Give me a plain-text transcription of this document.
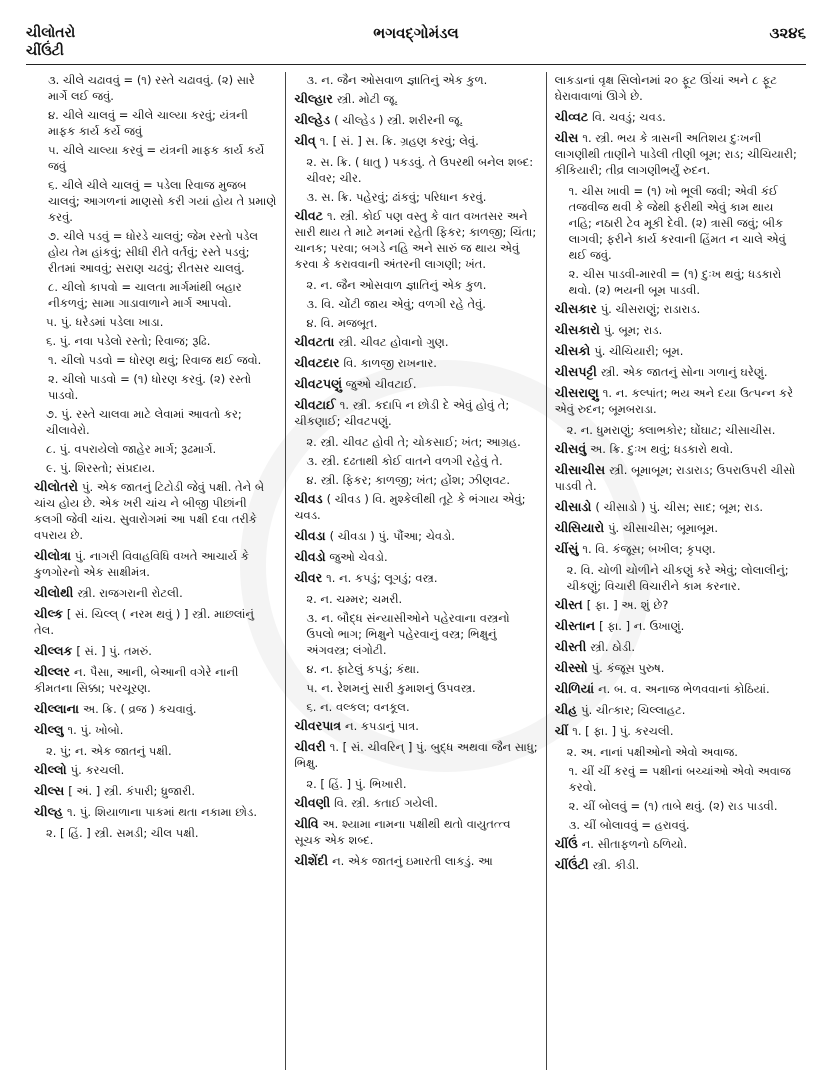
ચીલોતરો
ચીંઉંટી
ભગવદ્ગોમંડલ	૩૨૪૬
૩. ચીલે ચઢાવવું = (૧) રસ્તે ચઢાવવું. (૨) સારે માર્ગે લઈ જવું.
૪. ચીલે ચાલવું = ચીલે ચાલ્યા કરવું; યંત્રની માફક કાર્ય કર્યે જવું
૫. ચીલે ચાલ્યા કરવું = યંત્રની માફક કાર્ય કર્યે જવું
૬. ચીલે ચીલે ચાલવું = પડેલા રિવાજ મુજબ ચાલવું; આગળનાં માણસો કરી ગયાં હોય તે પ્રમાણે કરવું.
૭. ચીલે પડવું = ધોરડે ચાલવું; જેમ રસ્તો પડેલ હોય તેમ હાંકવું; સીધી રીતે વર્તવું; રસ્તે પડવું; રીતમાં આવવું; સરાણ ચઢવું; રીતસર ચાલવું.
૮. ચીલો કાપવો = ચાલતા માર્ગમાંથી બહાર નીકળવું; સામા ગાડાવાળાને માર્ગ આપવો.
૫. પું. ધરેડમાં પડેલા ખાડા.
૬. પું. નવા પડેલો રસ્તો; રિવાજ; રૂઢિ.
૧. ચીલો પડવો = ધોરણ થવું; રિવાજ થઈ જવો.
૨. ચીલો પાડવો = (૧) ધોરણ કરવું. (૨) રસ્તો પાડવો.
૭. પું. રસ્તે ચાલવા માટે લેવામાં આવતો કર; ચીલાવેરો.
૮. પું. વપરાયેલો જાહેર માર્ગ; રૂઢમાર્ગ.
૯. પું. શિરસ્તો; સંપ્રદાય.
ચીલોતરો પું. એક જાતનું ટિટોડી જેવું પક્ષી. તેને બે ચાંચ હોય છે. એક ખરી ચાંચ ને બીજી પીછાંની કલગી જેવી ચાંચ. સુવારોગમાં આ પક્ષી દવા તરીકે વપરાય છે.
ચીલોત્રા પું. નાગરી વિવાહવિધિ વખતે આચાર્ય કે કુળગોરનો એક સાક્ષીમંત્ર.
ચીલોથી સ્ત્રી. રાજગરાની રોટલી.
ચીલ્ક [ સં. ચિલ્લ્ ( નરમ થવું ) ] સ્ત્રી. માછલાંનું તેલ.
ચીલ્લક [ સં. ] પું. તમરું.
ચીલ્લર ન. પૈસા, આની, બેઆની વગેરે નાની કીમતના સિક્કા; પરચૂરણ.
ચીલ્લાના અ. ક્રિ. ( વ્રજ ) કચવાવું.
ચીલ્લુ ૧. પું. ખોબો.
૨. પું; ન. એક જાતનું પક્ષી.
ચીલ્લો પું. કરચલી.
ચીલ્સ [ અં. ] સ્ત્રી. કંપારી; ધ્રુજારી.
ચીલ્હ ૧. પું. શિયાળાના પાકમાં થતા નકામા છોડ.
૨. [ હિં. ] સ્ત્રી. સમડી; ચીલ પક્ષી.
૩. ન. જૈન ઓસવાળ જ્ઞાતિનું એક કુળ.
ચીલ્હાર સ્ત્રી. મોટી જૂ.
ચીલ્હેડ ( ચીલ્હેડ ) સ્ત્રી. શરીરની જૂ.
ચીવ્ ૧. [ સં. ] સ. ક્રિ. ગ્રહણ કરવું; લેવું.
૨. સ. ક્રિ. ( ધાતુ ) પકડવું. તે ઉપરથી બનેલ શબ્દ: ચીવર; ચીર.
૩. સ. ક્રિ. પહેરવું; ઢાંકવું; પરિધાન કરવું.
ચીવટ ૧. સ્ત્રી. કોઈ પણ વસ્તુ કે વાત વખતસર અને સારી થાય તે માટે મનમાં રહેતી ફિકર; કાળજી; ચિંતા; ચાનક; પરવા; બગડે નહિ અને સારું જ થાય એવું કરવા કે કરાવવાની અંતરની લાગણી; ખંત.
૨. ન. જૈન ઓસવાળ જ્ઞાતિનું એક કુળ.
૩. વિ. ચોંટી જાય એવું; વળગી રહે તેવું.
૪. વિ. મજબૂત.
ચીવટતા સ્ત્રી. ચીવટ હોવાનો ગુણ.
ચીવટદાર વિ. કાળજી રાખનાર.
ચીવટપણું જુઓ ચીવટાઈ.
ચીવટાઈ ૧. સ્ત્રી. કદાપિ ન છોડી દે એવું હોવું તે; ચીકણાઈ; ચીવટપણું.
૨. સ્ત્રી. ચીવટ હોવી તે; ચોકસાઈ; ખંત; આગ્રહ.
૩. સ્ત્રી. દઢતાથી કોઈ વાતને વળગી રહેવું તે.
૪. સ્ત્રી. ફિકર; કાળજી; ખંત; હોંશ; ઝીણવટ.
ચીવડ ( ચીવડ ) વિ. મુશ્કેલીથી તૂટે કે ભંગાય એવું; ચવડ.
ચીવડા ( ચીવડા ) પું. પૌંઆ; ચેવડો.
ચીવડો જુઓ ચેવડો.
ચીવર ૧. ન. કપડું; લૂગડું; વસ્ત્ર.
૨. ન. ચમ્મર; ચમરી.
૩. ન. બૌદ્ધ સંન્યાસીઓને પહેરવાના વસ્ત્રનો ઉપલો ભાગ; ભિક્ષુને પહેરવાનું વસ્ત્ર; ભિક્ષુનું અંગવસ્ત્ર; લંગોટી.
૪. ન. ફાટેલું કપડું; કંથા.
૫. ન. રેશમનું સારી કુમાશનું ઉપવસ્ત્ર.
૬. ન. વલ્કલ; વનકૂલ.
ચીવરપાત્ર ન. કપડાનું પાત્ર.
ચીવરી ૧. [ સં. ચીવરિન્ ] પું. બુદ્ધ અથવા જૈન સાધુ; ભિક્ષુ.
૨. [ હિં. ] પું. ભિખારી.
ચીવણી વિ. સ્ત્રી. કતાઈ ગયેલી.
ચીવિ અ. શ્યામા નામના પક્ષીથી થતો વાયુતત્ત્વ સૂચક એક શબ્દ.
ચીશેંદી ન. એક જાતનું ઇમારતી લાકડું. આ
લાકડાનાં વૃક્ષ સિલોનમાં ૨૦ ફૂટ ઊંચાં અને ૮ ફૂટ ઘેરાવાવાળાં ઊગે છે.
ચીવ્વટ વિ. ચવડું; ચવડ.
ચીસ ૧. સ્ત્રી. ભય કે ત્રાસની અતિશય દુઃખની લાગણીથી તાણીને પાડેલી તીણી બૂમ; રાડ; ચીચિયારી; કીકિયારી; તીવ્ર લાગણીભર્યું રુદન.
૧. ચીસ ખાવી = (૧) ખો ભૂલી જવી; એવી કંઈ તજવીજ થવી કે જેથી ફરીથી એવું કામ થાય નહિ; નઠારી ટેવ મૂકી દેવી. (૨) ત્રાસી જવું; બીક લાગવી; ફરીને કાર્ય કરવાની હિંમત ન ચાલે એવું થઈ જવું.
૨. ચીસ પાડવી-મારવી = (૧) દુઃખ થવું; ધડકારો થવો. (૨) ભયની બૂમ પાડવી.
ચીસકાર પું. ચીસરાણું; રાડારાડ.
ચીસકારો પું. બૂમ; રાડ.
ચીસકો પું. ચીચિયારી; બૂમ.
ચીસપટ્ટી સ્ત્રી. એક જાતનું સોના ગળાનું ઘરેણું.
ચીસરાણુ ૧. ન. કલ્પાંત; ભય અને દયા ઉત્પન્ન કરે એવું રુદન; બૂમબરાડા.
૨. ન. ધુમરાણું; ક્લાભકોર; ઘોંઘાટ; ચીસાચીસ.
ચીસવું અ. ક્રિ. દુઃખ થવું; ધડકારો થવો.
ચીસાચીસ સ્ત્રી. બૂમાબૂમ; રાડારાડ; ઉપરાઉપરી ચીસો પાડવી તે.
ચીસાડો ( ચીસાડો ) પું. ચીસ; સાદ; બૂમ; રાડ.
ચીસિયારો પું. ચીસાચીસ; બૂમાબૂમ.
ચીંસું ૧. વિ. કંજૂસ; બખીલ; કૃપણ.
૨. વિ. ચોળી ચોળીને ચીકણું કરે એવું; લોલાલીનું; ચીકણું; વિચારી વિચારીને કામ કરનાર.
ચીસ્ત [ ફા. ] અ. શું છે?
ચીસ્તાન [ ફા. ] ન. ઉખાણું.
ચીસ્તી સ્ત્રી. ઠોડી.
ચીસ્સો પું. કંજૂસ પુરુષ.
ચીળિયાં ન. બ. વ. અનાજ ભેળવવાનાં કોઠિયાં.
ચીહ પું. ચીત્કાર; ચિલ્લાહટ.
ચીં ૧. [ ફા. ] પું. કરચલી.
૨. અ. નાનાં પક્ષીઓનો એવો અવાજ.
૧. ચીં ચીં કરવું = પક્ષીનાં બચ્ચાંઓ એવો અવાજ કરવો.
૨. ચીં બોલવું = (૧) તાબે થવું. (૨) રાડ પાડવી.
૩. ચીં બોલાવવું = હરાવવું.
ચીંઉં ન. સીતાફળનો ઠળિયો.
ચીંઉંટી સ્ત્રી. કીડી.
